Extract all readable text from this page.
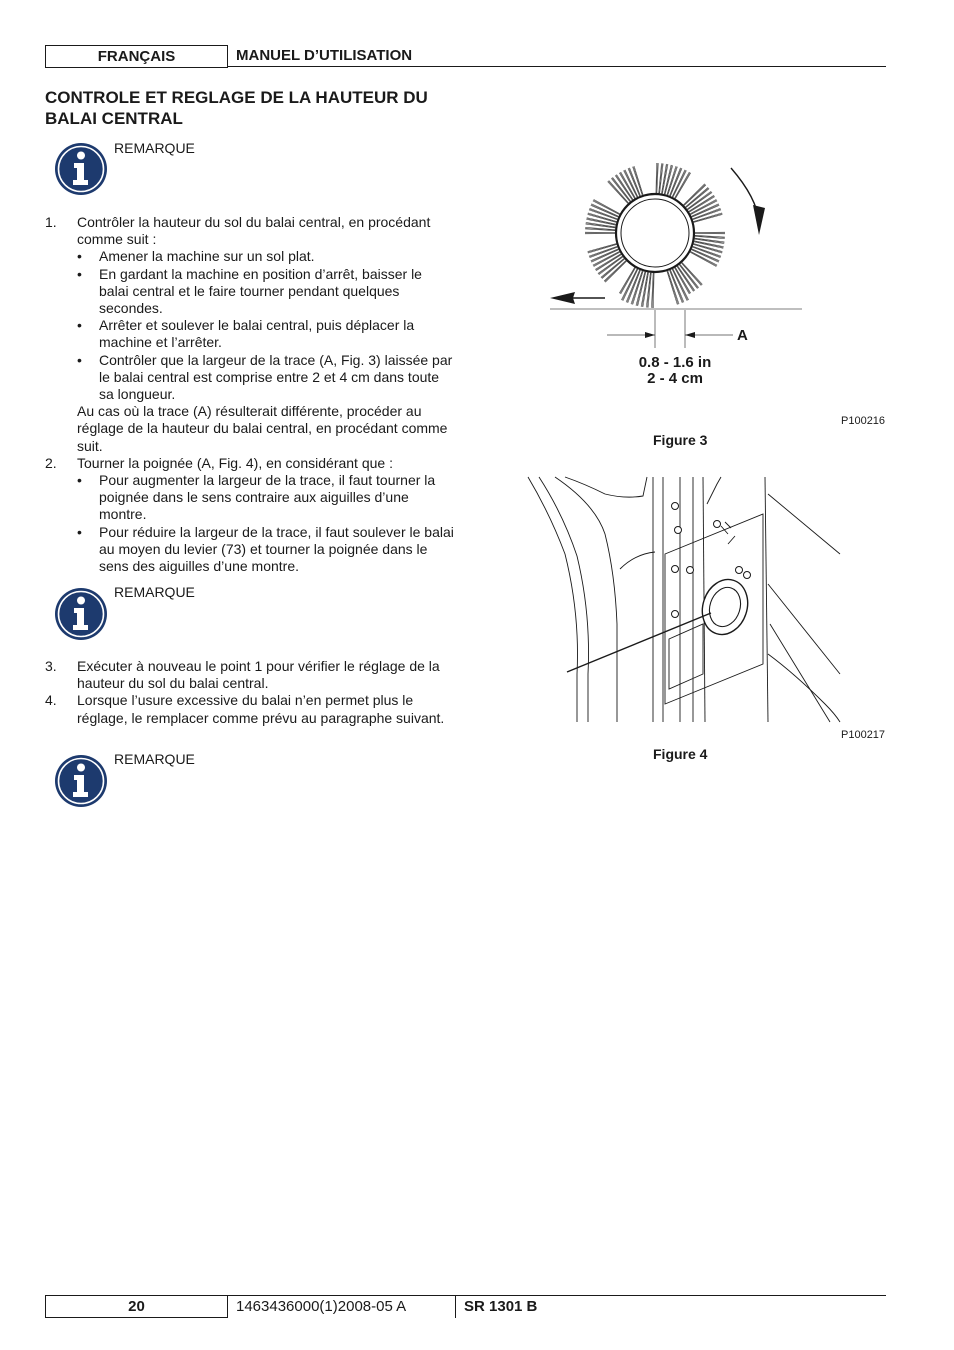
FRANÇAIS	MANUEL D’UTILISATION
CONTROLE ET REGLAGE DE LA HAUTEUR DU BALAI CENTRAL
REMARQUE
1. Contrôler la hauteur du sol du balai central, en procédant comme suit :
• Amener la machine sur un sol plat.
• En gardant la machine en position d’arrêt, baisser le balai central et le faire tourner pendant quelques secondes.
• Arrêter et soulever le balai central, puis déplacer la machine et l’arrêter.
• Contrôler que la largeur de la trace (A, Fig. 3) laissée par le balai central est comprise entre 2 et 4 cm dans toute sa longueur.
Au cas où la trace (A) résulterait différente, procéder au réglage de la hauteur du balai central, en procédant comme suit.
2. Tourner la poignée (A, Fig. 4), en considérant que :
• Pour augmenter la largeur de la trace, il faut tourner la poignée dans le sens contraire aux aiguilles d’une montre.
• Pour réduire la largeur de la trace, il faut soulever le balai au moyen du levier (73) et tourner la poignée dans le sens des aiguilles d’une montre.
REMARQUE
3. Exécuter à nouveau le point 1 pour vérifier le réglage de la hauteur du sol du balai central.
4. Lorsque l’usure excessive du balai n’en permet plus le réglage, le remplacer comme prévu au paragraphe suivant.
REMARQUE
A
0.8 - 1.6 in
2 - 4 cm
P100216
Figure 3
P100217
Figure 4
20	1463436000(1)2008-05 A	SR 1301 B
